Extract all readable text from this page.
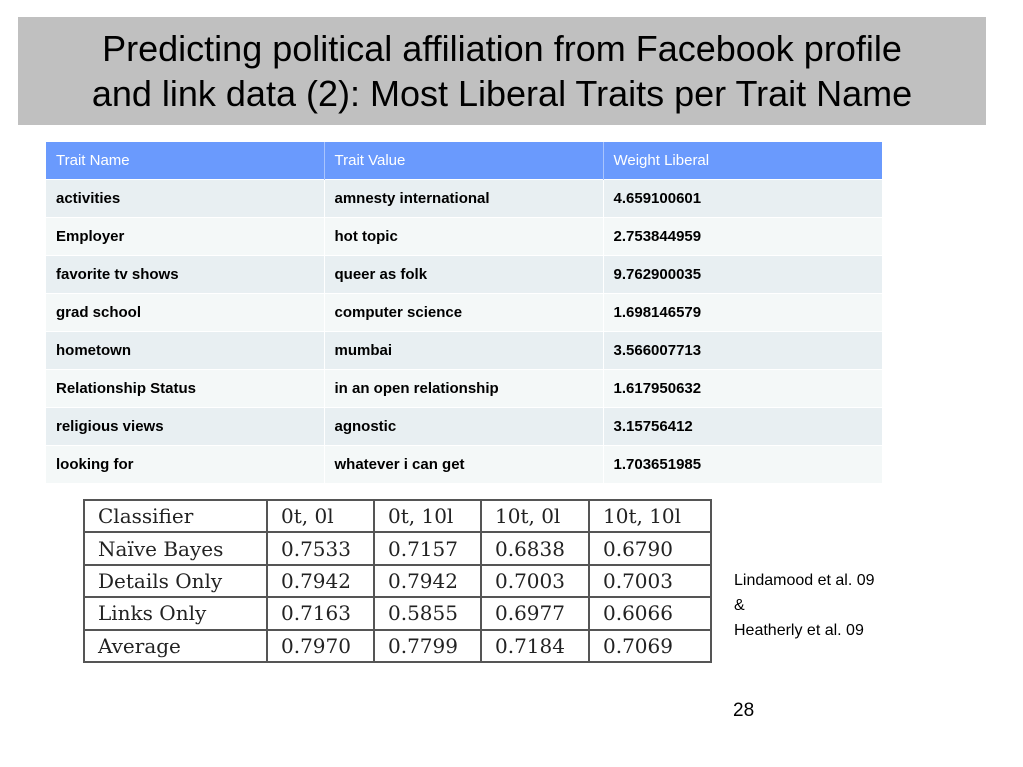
Predicting political affiliation from Facebook profile
and link data (2): Most Liberal Traits per Trait Name
Trait Name	Trait Value	Weight Liberal
activities	amnesty international	4.659100601
Employer	hot topic	2.753844959
favorite tv shows	queer as folk	9.762900035
grad school	computer science	1.698146579
hometown	mumbai	3.566007713
Relationship Status	in an open relationship	1.617950632
religious views	agnostic	3.15756412
looking for	whatever i can get	1.703651985
Classifier	0t, 0l	0t, 10l	10t, 0l	10t, 10l
Naïve Bayes	0.7533	0.7157	0.6838	0.6790
Details Only	0.7942	0.7942	0.7003	0.7003
Links Only	0.7163	0.5855	0.6977	0.6066
Average	0.7970	0.7799	0.7184	0.7069
Lindamood et al. 09
&
Heatherly et al. 09
28
